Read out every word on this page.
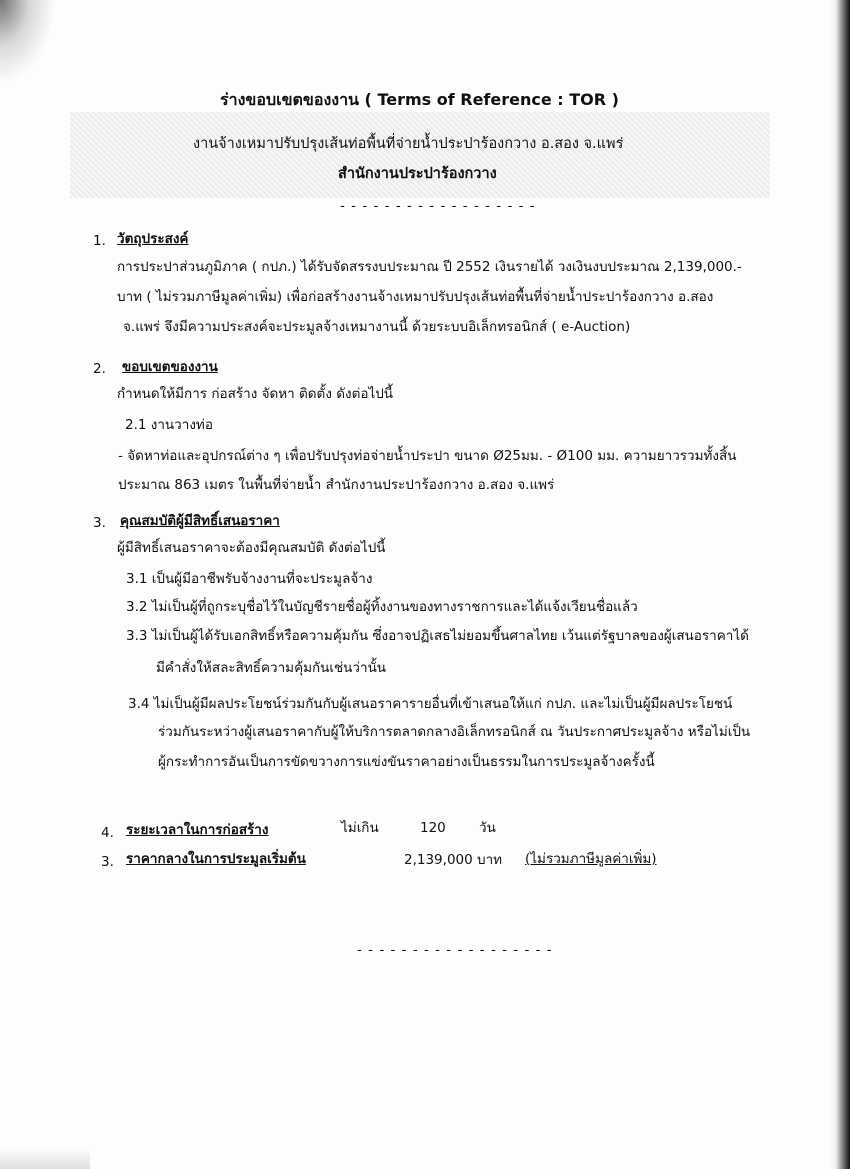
ร่างขอบเขตของงาน ( Terms of Reference : TOR )
งานจ้างเหมาปรับปรุงเส้นท่อพื้นที่จ่ายน้ำประปาร้องกวาง อ.สอง จ.แพร่
สำนักงานประปาร้องกวาง
- - - - - - - - - - - - - - - - - -
1. วัตถุประสงค์
การประปาส่วนภูมิภาค ( กปภ.) ได้รับจัดสรรงบประมาณ ปี 2552 เงินรายได้ วงเงินงบประมาณ 2,139,000.-
บาท ( ไม่รวมภาษีมูลค่าเพิ่ม) เพื่อก่อสร้างงานจ้างเหมาปรับปรุงเส้นท่อพื้นที่จ่ายน้ำประปาร้องกวาง อ.สอง
จ.แพร่ จึงมีความประสงค์จะประมูลจ้างเหมางานนี้ ด้วยระบบอิเล็กทรอนิกส์ ( e-Auction)
2. ขอบเขตของงาน
กำหนดให้มีการ ก่อสร้าง จัดหา ติดตั้ง ดังต่อไปนี้
2.1 งานวางท่อ
- จัดหาท่อและอุปกรณ์ต่าง ๆ เพื่อปรับปรุงท่อจ่ายน้ำประปา ขนาด Ø25มม. - Ø100 มม. ความยาวรวมทั้งสิ้น
ประมาณ 863 เมตร ในพื้นที่จ่ายน้ำ สำนักงานประปาร้องกวาง อ.สอง จ.แพร่
3. คุณสมบัติผู้มีสิทธิ์เสนอราคา
ผู้มีสิทธิ์เสนอราคาจะต้องมีคุณสมบัติ ดังต่อไปนี้
3.1 เป็นผู้มีอาชีพรับจ้างงานที่จะประมูลจ้าง
3.2 ไม่เป็นผู้ที่ถูกระบุชื่อไว้ในบัญชีรายชื่อผู้ทิ้งงานของทางราชการและได้แจ้งเวียนชื่อแล้ว
3.3 ไม่เป็นผู้ได้รับเอกสิทธิ์หรือความคุ้มกัน ซึ่งอาจปฏิเสธไม่ยอมขึ้นศาลไทย เว้นแต่รัฐบาลของผู้เสนอราคาได้
มีคำสั่งให้สละสิทธิ์ความคุ้มกันเช่นว่านั้น
3.4 ไม่เป็นผู้มีผลประโยชน์ร่วมกันกับผู้เสนอราคารายอื่นที่เข้าเสนอให้แก่ กปภ. และไม่เป็นผู้มีผลประโยชน์
ร่วมกันระหว่างผู้เสนอราคากับผู้ให้บริการตลาดกลางอิเล็กทรอนิกส์ ณ วันประกาศประมูลจ้าง หรือไม่เป็น
ผู้กระทำการอันเป็นการขัดขวางการแข่งขันราคาอย่างเป็นธรรมในการประมูลจ้างครั้งนี้
4. ระยะเวลาในการก่อสร้าง	ไม่เกิน	120 วัน
3. ราคากลางในการประมูลเริ่มต้น	2,139,000 บาท (ไม่รวมภาษีมูลค่าเพิ่ม)
- - - - - - - - - - - - - - - - - -
